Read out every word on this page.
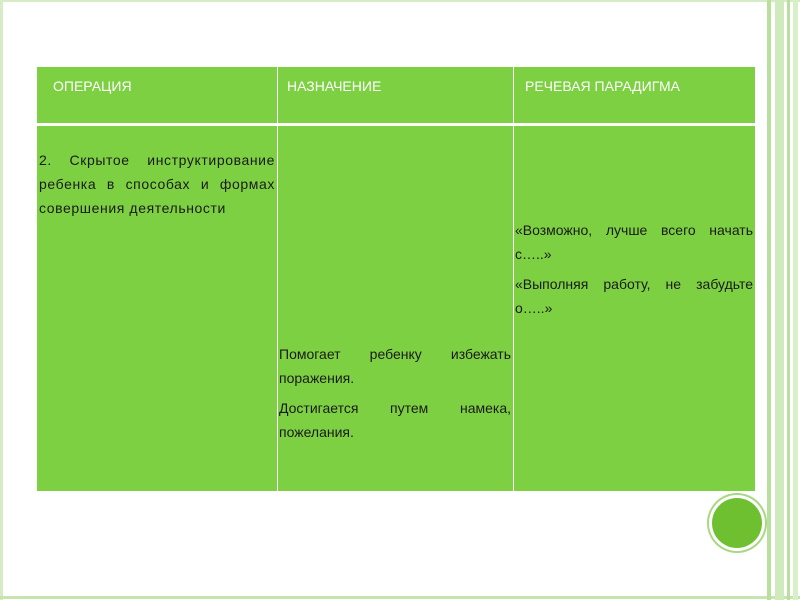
ОПЕРАЦИЯ	НАЗНАЧЕНИЕ	РЕЧЕВАЯ ПАРАДИГМА

2. Скрытое инструктирование ребенка в способах и формах совершения деятельности

Помогает ребенку избежать поражения.

Достигается путем намека, пожелания.

«Возможно, лучше всего начать с…..»

«Выполняя работу, не забудьте о…..»
